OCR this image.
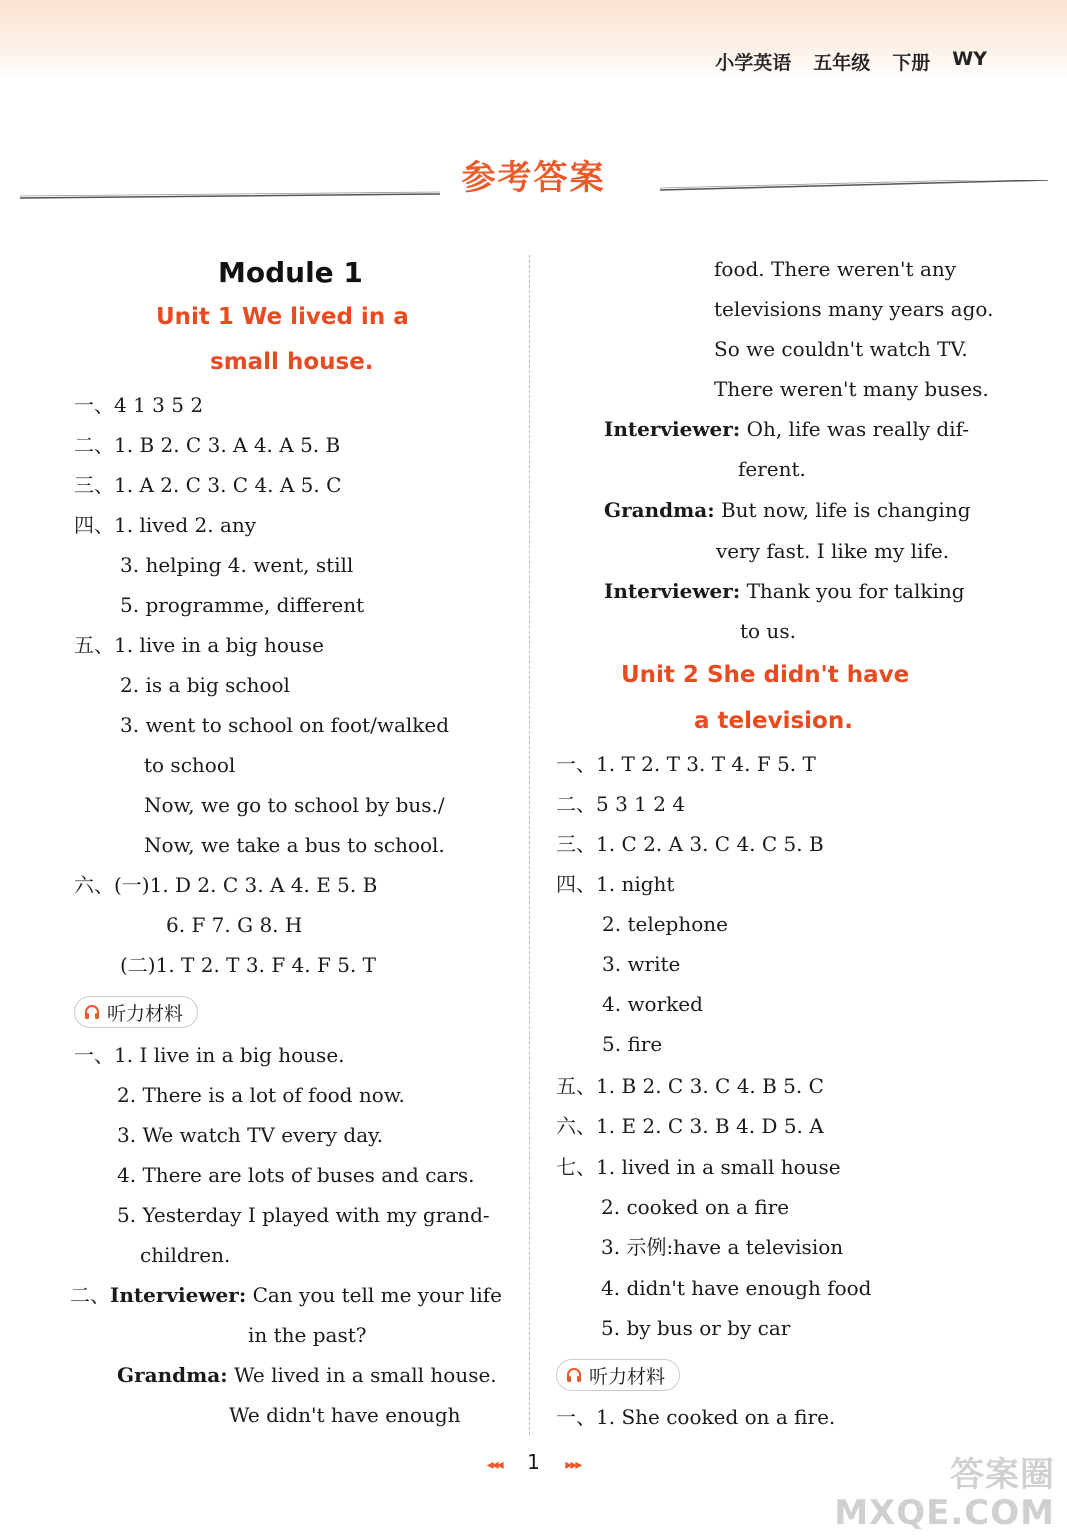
小学英语 五年级 下册 WY
参考答案
Module 1
Unit 1 We lived in a
small house.
一、4 1 3 5 2
二、1. B 2. C 3. A 4. A 5. B
三、1. A 2. C 3. C 4. A 5. C
四、1. lived 2. any
3. helping 4. went, still
5. programme, different
五、1. live in a big house
2. is a big school
3. went to school on foot/walked
to school
Now, we go to school by bus./
Now, we take a bus to school.
六、(一)1. D 2. C 3. A 4. E 5. B
6. F 7. G 8. H
(二)1. T 2. T 3. F 4. F 5. T
听力材料
一、1. I live in a big house.
2. There is a lot of food now.
3. We watch TV every day.
4. There are lots of buses and cars.
5. Yesterday I played with my grand-
children.
二、Interviewer: Can you tell me your life
in the past?
Grandma: We lived in a small house.
We didn't have enough
food. There weren't any
televisions many years ago.
So we couldn't watch TV.
There weren't many buses.
Interviewer: Oh, life was really dif-
ferent.
Grandma: But now, life is changing
very fast. I like my life.
Interviewer: Thank you for talking
to us.
Unit 2 She didn't have
a television.
一、1. T 2. T 3. T 4. F 5. T
二、5 3 1 2 4
三、1. C 2. A 3. C 4. C 5. B
四、1. night
2. telephone
3. write
4. worked
5. fire
五、1. B 2. C 3. C 4. B 5. C
六、1. E 2. C 3. B 4. D 5. A
七、1. lived in a small house
2. cooked on a fire
3. 示例:have a television
4. didn't have enough food
5. by bus or by car
听力材料
一、1. She cooked on a fire.
◂◂◂ 1 ▸▸▸	答案圈
MXQE.COM
